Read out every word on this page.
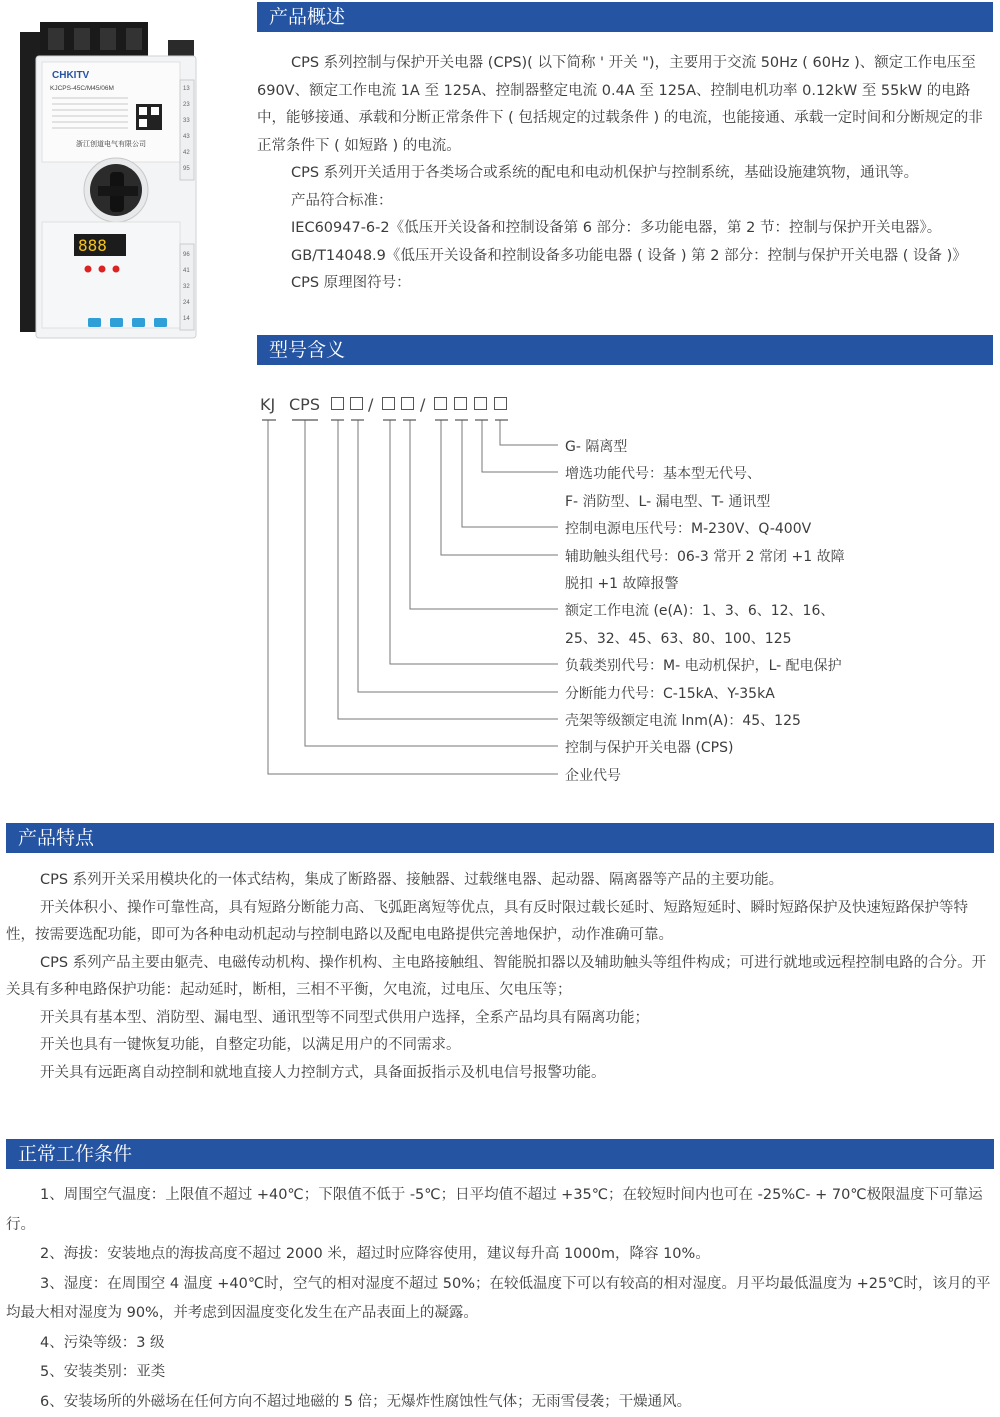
CHKITV
KJCPS-45C/M45/06M
浙江创道电气有限公司
13
23
33
43
42
95
888	96
41
32
24
14
产品概述

CPS 系列控制与保护开关电器 (CPS)( 以下简称 ' 开关 ")，主要用于交流 50Hz ( 60Hz )、额定工作电压至 690V、额定工作电流 1A 至 125A、控制器整定电流 0.4A 至 125A、控制电机功率 0.12kW 至 55kW 的电路中，能够接通、承载和分断正常条件下 ( 包括规定的过载条件 ) 的电流，也能接通、承载一定时间和分断规定的非正常条件下 ( 如短路 ) 的电流。

CPS 系列开关适用于各类场合或系统的配电和电动机保护与控制系统，基础设施建筑物，通讯等。

产品符合标准：

IEC60947-6-2《低压开关设备和控制设备第 6 部分：多功能电器，第 2 节：控制与保护开关电器》。

GB/T14048.9《低压开关设备和控制设备多功能电器 ( 设备 ) 第 2 部分：控制与保护开关电器 ( 设备 )》

CPS 原理图符号：

型号含义
KJ CPS	/	/
G- 隔离型
增选功能代号：基本型无代号、
F- 消防型、L- 漏电型、T- 通讯型
控制电源电压代号：M-230V、Q-400V
辅助触头组代号：06-3 常开 2 常闭 +1 故障
脱扣 +1 故障报警
额定工作电流 (e(A)：1、3、6、12、16、
25、32、45、63、80、100、125
负载类别代号：M- 电动机保护，L- 配电保护
分断能力代号：C-15kA、Y-35kA
壳架等级额定电流 lnm(A)：45、125
控制与保护开关电器 (CPS)
企业代号
产品特点

CPS 系列开关采用模块化的一体式结构，集成了断路器、接触器、过载继电器、起动器、隔离器等产品的主要功能。

开关体积小、操作可靠性高，具有短路分断能力高、飞弧距离短等优点，具有反时限过载长延时、短路短延时、瞬时短路保护及快速短路保护等特性，按需要选配功能，即可为各种电动机起动与控制电路以及配电电路提供完善地保护，动作准确可靠。

CPS 系列产品主要由躯壳、电磁传动机构、操作机构、主电路接触组、智能脱扣器以及辅助触头等组件构成；可进行就地或远程控制电路的合分。开关具有多种电路保护功能：起动延时，断相，三相不平衡，欠电流，过电压、欠电压等；

开关具有基本型、消防型、漏电型、通讯型等不同型式供用户选择，全系产品均具有隔离功能；

开关也具有一键恢复功能，自整定功能，以满足用户的不同需求。

开关具有远距离自动控制和就地直接人力控制方式，具备面扳指示及机电信号报警功能。

正常工作条件

1、周围空气温度：上限值不超过 +40℃；下限值不低于 -5℃；日平均值不超过 +35℃；在较短时间内也可在 -25%C- + 70℃极限温度下可靠运行。

2、海拔：安装地点的海拔高度不超过 2000 米，超过时应降容使用，建议每升高 1000m，降容 10%。

3、湿度：在周围空 4 温度 +40℃时，空气的相对湿度不超过 50%；在较低温度下可以有较高的相对湿度。月平均最低温度为 +25℃时，该月的平均最大相对湿度为 90%，并考虑到因温度变化发生在产品表面上的凝露。

4、污染等级：3 级

5、安装类别：亚类

6、安装场所的外磁场在任何方向不超过地磁的 5 倍；无爆炸性腐蚀性气体；无雨雪侵袭；干燥通风。
